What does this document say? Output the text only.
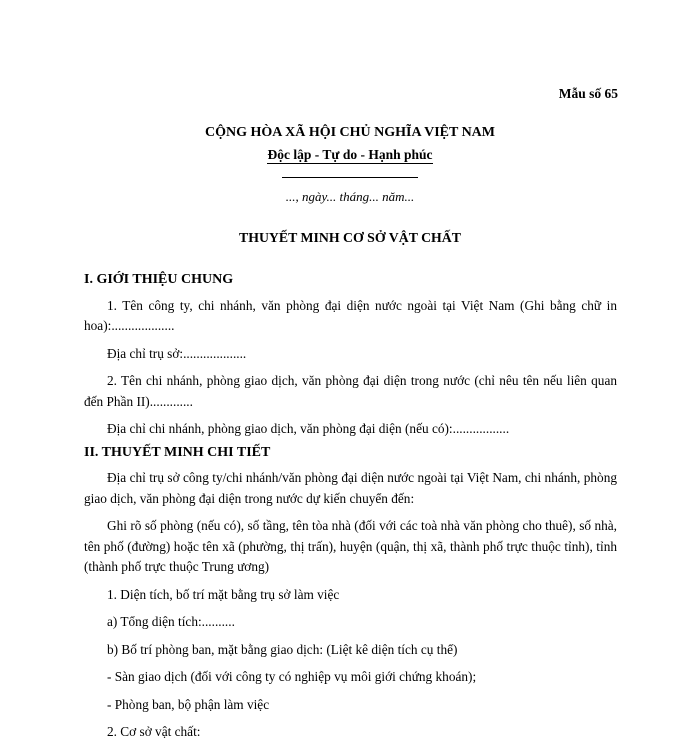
Mẫu số 65
CỘNG HÒA XÃ HỘI CHỦ NGHĨA VIỆT NAM
Độc lập - Tự do - Hạnh phúc
..., ngày... tháng... năm...
THUYẾT MINH CƠ SỞ VẬT CHẤT
I. GIỚI THIỆU CHUNG

1. Tên công ty, chi nhánh, văn phòng đại diện nước ngoài tại Việt Nam (Ghi bằng chữ in hoa):...................

Địa chỉ trụ sở:...................

2. Tên chi nhánh, phòng giao dịch, văn phòng đại diện trong nước (chỉ nêu tên nếu liên quan đến Phần II).............

Địa chỉ chi nhánh, phòng giao dịch, văn phòng đại diện (nếu có):.................

II. THUYẾT MINH CHI TIẾT

Địa chỉ trụ sở công ty/chi nhánh/văn phòng đại diện nước ngoài tại Việt Nam, chi nhánh, phòng giao dịch, văn phòng đại diện trong nước dự kiến chuyển đến:

Ghi rõ số phòng (nếu có), số tầng, tên tòa nhà (đối với các toà nhà văn phòng cho thuê), số nhà, tên phố (đường) hoặc tên xã (phường, thị trấn), huyện (quận, thị xã, thành phố trực thuộc tỉnh), tỉnh (thành phố trực thuộc Trung ương)

1. Diện tích, bố trí mặt bằng trụ sở làm việc

a) Tổng diện tích:..........

b) Bố trí phòng ban, mặt bằng giao dịch: (Liệt kê diện tích cụ thể)

- Sàn giao dịch (đối với công ty có nghiệp vụ môi giới chứng khoán);

- Phòng ban, bộ phận làm việc

2. Cơ sở vật chất:
